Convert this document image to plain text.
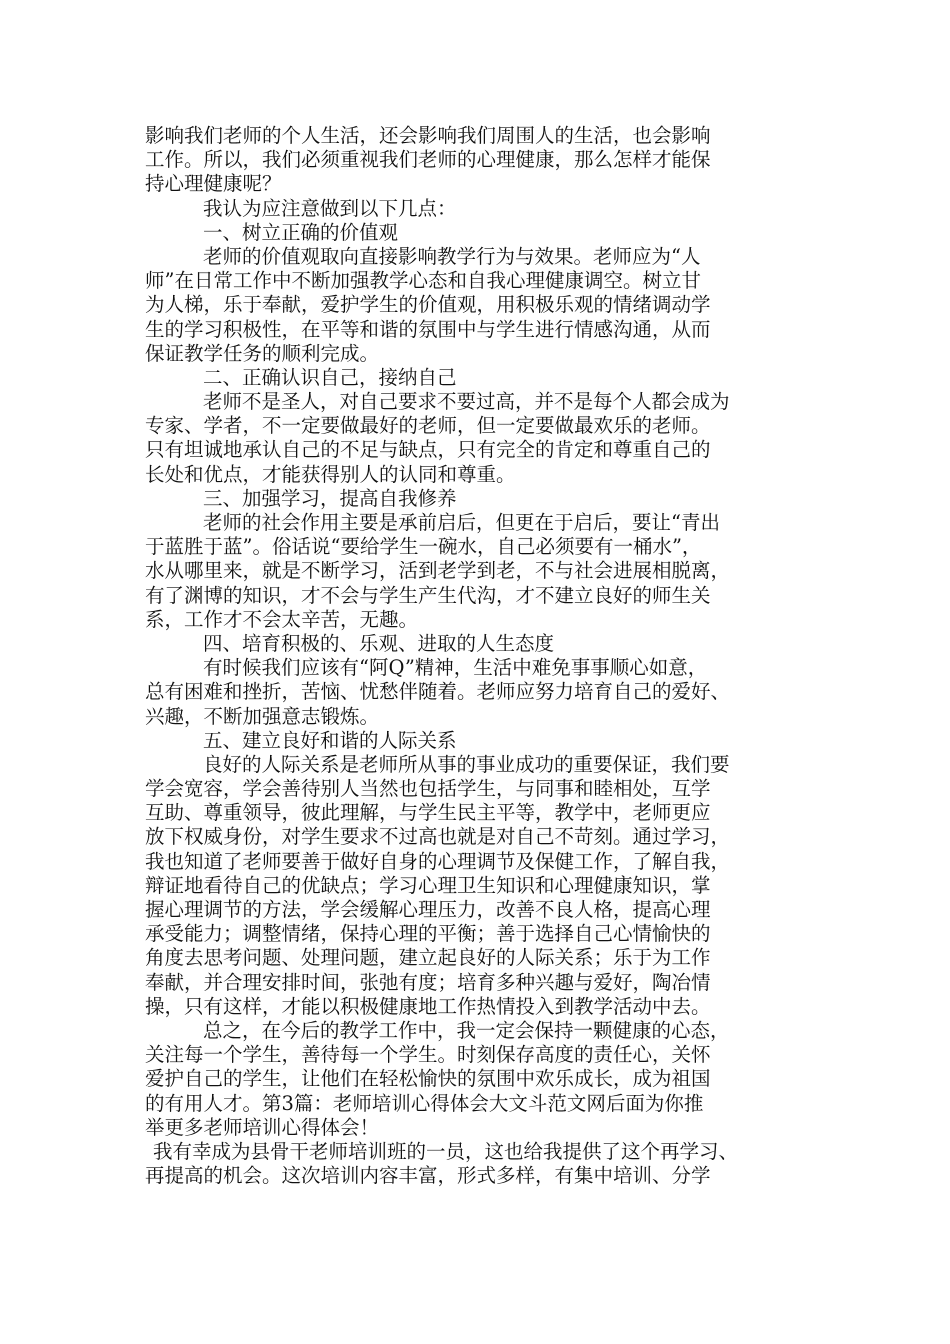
影响我们老师的个人生活，还会影响我们周围人的生活，也会影响
工作。所以，我们必须重视我们老师的心理健康，那么怎样才能保
持心理健康呢？
我认为应注意做到以下几点：
一、树立正确的价值观
老师的价值观取向直接影响教学行为与效果。老师应为“人
师”在日常工作中不断加强教学心态和自我心理健康调空。树立甘
为人梯，乐于奉献，爱护学生的价值观，用积极乐观的情绪调动学
生的学习积极性，在平等和谐的氛围中与学生进行情感沟通，从而
保证教学任务的顺利完成。
二、正确认识自己，接纳自己
老师不是圣人，对自己要求不要过高，并不是每个人都会成为
专家、学者，不一定要做最好的老师，但一定要做最欢乐的老师。
只有坦诚地承认自己的不足与缺点，只有完全的肯定和尊重自己的
长处和优点，才能获得别人的认同和尊重。
三、加强学习，提高自我修养
老师的社会作用主要是承前启后，但更在于启后，要让“青出
于蓝胜于蓝”。俗话说“要给学生一碗水，自己必须要有一桶水”，
水从哪里来，就是不断学习，活到老学到老，不与社会进展相脱离，
有了渊博的知识，才不会与学生产生代沟，才不建立良好的师生关
系，工作才不会太辛苦，无趣。
四、培育积极的、乐观、进取的人生态度
有时候我们应该有“阿Q”精神，生活中难免事事顺心如意，
总有困难和挫折，苦恼、忧愁伴随着。老师应努力培育自己的爱好、
兴趣，不断加强意志锻炼。
五、建立良好和谐的人际关系
良好的人际关系是老师所从事的事业成功的重要保证，我们要
学会宽容，学会善待别人当然也包括学生，与同事和睦相处，互学
互助、尊重领导，彼此理解，与学生民主平等，教学中，老师更应
放下权威身份，对学生要求不过高也就是对自己不苛刻。通过学习，
我也知道了老师要善于做好自身的心理调节及保健工作，了解自我，
辩证地看待自己的优缺点；学习心理卫生知识和心理健康知识，掌
握心理调节的方法，学会缓解心理压力，改善不良人格，提高心理
承受能力；调整情绪，保持心理的平衡；善于选择自己心情愉快的
角度去思考问题、处理问题，建立起良好的人际关系；乐于为工作
奉献，并合理安排时间，张弛有度；培育多种兴趣与爱好，陶冶情
操，只有这样，才能以积极健康地工作热情投入到教学活动中去。
总之，在今后的教学工作中，我一定会保持一颗健康的心态，
关注每一个学生，善待每一个学生。时刻保存高度的责任心，关怀
爱护自己的学生，让他们在轻松愉快的氛围中欢乐成长，成为祖国
的有用人才。第3篇：老师培训心得体会大文斗范文网后面为你推
举更多老师培训心得体会！
我有幸成为县骨干老师培训班的一员，这也给我提供了这个再学习、
再提高的机会。这次培训内容丰富，形式多样，有集中培训、分学
